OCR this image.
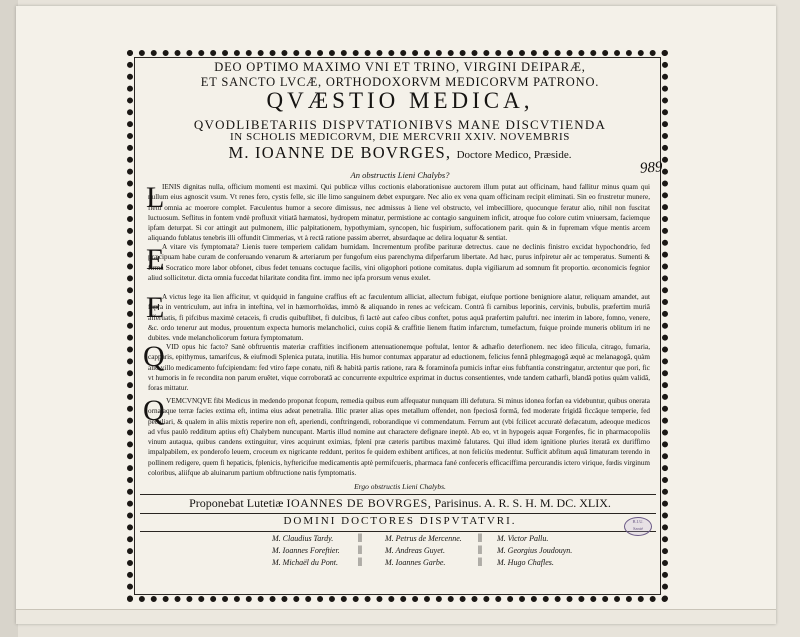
DEO OPTIMO MAXIMO VNI ET TRINO, VIRGINI DEIPARÆ,
ET SANCTO LVCÆ, ORTHODOXORVM MEDICORVM PATRONO.
QVÆSTIO MEDICA,
QVODLIBETARIIS DISPVTATIONIBVS MANE DISCVTIENDA
IN SCHOLIS MEDICORVM, DIE MERCVRII XXIV. NOVEMBRIS
M. IOANNE DE BOVRGES, Doctore Medico, Præside.
989
An obstructis Lieni Chalybs?
L
IENIS dignitas nulla, officium momenti est maximi. Qui publicæ villus coctionis elaborationisue auctorem illum putat aut officinam, haud fallitur minus quam qui nullum eius agnoscit vsum. Vt renes fero, cystis felle, sic ille limo sanguinem debet expurgare. Nec alio ex vena quam officinam recipit eliminati. Sin eo frustretur munere, fletu omnia ac moerore complet. Fæculentus humor a secore dimissus, nec admissus à liene vel obstructo, vel imbecilliore, quocunque feratur alio, nihil non fuscitat luctuosum. Seflitus in fontem vndè profluxit vitiatâ hæmatosi, hydropem minatur, permistione ac contagio sanguinem inficit, atroque fuo colore cutim vniuersam, faciemque ipfam deturpat. Si cor attingit aut pulmonem, illic palpitationem, hypothymiam, syncopen, hic fuspirium, suffocationem parit. quin & in fupremam vfque mentis arcem aliquando fublatus tenebris illi offundit Cimmerias, vt à rectâ ratione passim aberret, absurdaque ac delira loquatur & sentiat.
E
A vitare vis fymptomata? Lienis tuere temperiem calidam humidam. Incrementum profibe parituræ detrectus. caue ne declinis finistro excidat hypochondrio, fed præcipuam habe curam de conferuando venarum & arteriarum per fungofum eius parenchyma difperfarum libertate. Ad hæc, purus infpiretur aër ac temperatus. Sumenti & firma Socratico more labor obfonet, cibus fedet tenuans coctuque facilis, vini oligophori potione comitatus. dupla vigiliarum ad somnum fit proportio. œconomicis fegnior aliud sollicitetur. dicta omnia fuccedat hilaritate condita fint. immo nec ipfa prorsum venus exulet.
E
A victus lege ita lien afficitur, vt quidquid in fanguine craffius eft ac fæculentum alliciat, allectum fubigat, eiufque portione benigniore alatur, reliquam amandet, aut fupra in ventriculum, aut infra in inteftina, vel in hæmorrhoïdas, immò & aliquando in renes ac vefcicam. Contrà fi carnibus leporinis, cervinis, bubulis, præfertim muriâ afferuatis, fi pifcibus maximè cetaceis, fi crudis quibuflibet, fi dulcibus, fi lactè aut cafeo cibus conftet, potus aquâ præfertim paluftri. nec interim in labore, fomno, venere, &c. ordo tenerur aut modus, prouentum expecta humoris melancholici, cuius copiâ & craffitie lienem ftatim infarctum, tumefactum, fuique proinde muneris oblitum iri ne dubites. vnde melancholicorum fœtura fymptomatum.
Q VID opus hic facto? Sanè obftruentis materiæ craffities incifionem attenuationemque poftulat, lentor & adhæfio deterfionem. nec ideo filicula, citrago, fumaria, capparis, epithymus, tamarifcus, & eiufmodi Splenica putata, inutilia. His humor contumax apparatur ad eductionem, felicius fennâ phlegmagogâ æquè ac melanagogâ, quàm alio villo medicamento fufcipiendam: fed vtiro fæpe conatu, nifi & habità partis ratione, rara & foraminofa pumicis inftar eius fubftantia constringatur, arctentur que pori, fic vt humoris in fe recondita non parum eruêtet, vique corroboratâ ac concurrente expultrice exprimat in ductus consentientes, vnde tandem catharfi, blandâ potius quàm validâ, foras mittatur.
Q VEMCVNQVE fibi Medicus in medendo proponat fcopum, remedia quibus eum affequatur nunquam illi defutura. Si minus idonea forfan ea videbuntur, quibus onerata ornataque terræ facies extima eft, intima eius adeat penetralia. Illic præter alias opes metallum offendet, non fpeciosâ formâ, fed moderate frigidâ ficcâque temperie, fed peculiari, & qualem in aliis mixtis reperire non eft, aperiendi, conftringendi, roborandique vi commendatum. Ferrum aut (vbi fcilicet accuratè defæcatum, adeoque medicos ad vfus paulò redditum aptius eft) Chalybem nuncupant. Martis illud nomine aut characterе defignare ineptè. Ab eo, vt in hypogeis aquæ Forgenfes, fic in pharmacopoliis vinum autaqua, quibus candens extinguitur, vires acquirunt eximias, fplenì præ cæteris partibus maximè falutares. Qui illud idem ignitione pluries iteratâ ex duriffimo impalpabilem, ex ponderofo leuem, croceum ex nigricante reddunt, peritos fe quidem exhibent artifices, at non feliciùs medentur. Sufficit abfitum aquâ limaturam terendo in pollinem redigere, quem fi hepaticis, fplenicis, hyftericifue medicamentis aptè permifcuerís, pharmaca fané confecerís efficaciffima percurandis ictero virique, fœdis virginum coloribus, aliifque ab aluinarum partium obftructione natis fymptomatis.
Ergo obstructis Lieni Chalybs.
Proponebat Lutetiæ IOANNES DE BOVRGES, Parisinus. A. R. S. H. M. DC. XLIX.
DOMINI DOCTORES DISPVTATVRI.
M. Claudius Tardy.
M. Ioannes Foreftier.
M. Michaël du Pont.
||
||
||
M. Petrus de Mercenne.
M. Andreas Guyet.
M. Ioannes Garbe.
||
||
||
M. Victor Pallu.
M. Georgius Joudouyn.
M. Hugo Chafles.
B.I.U.
Santé
